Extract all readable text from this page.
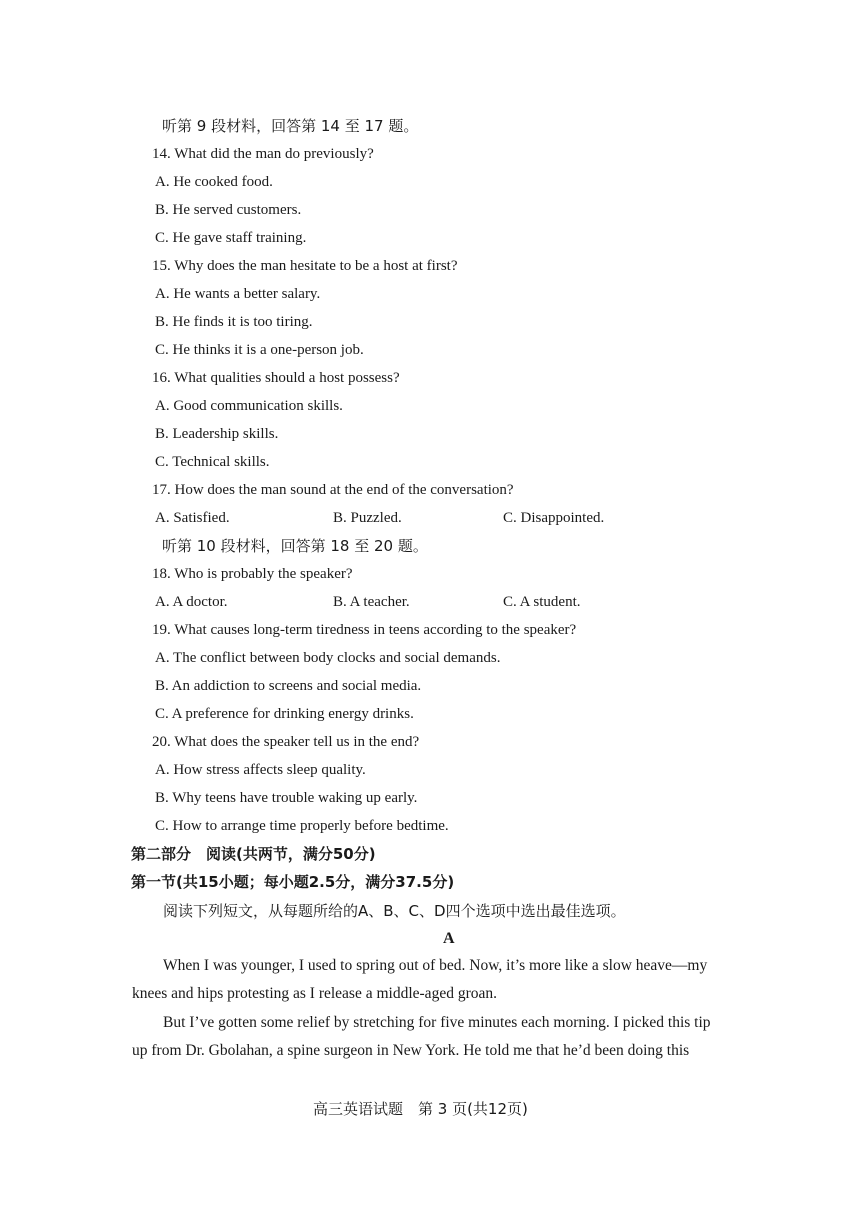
听第 9 段材料，回答第 14 至 17 题。
14. What did the man do previously?
A. He cooked food.
B. He served customers.
C. He gave staff training.
15. Why does the man hesitate to be a host at first?
A. He wants a better salary.
B. He finds it is too tiring.
C. He thinks it is a one-person job.
16. What qualities should a host possess?
A. Good communication skills.
B. Leadership skills.
C. Technical skills.
17. How does the man sound at the end of the conversation?
A. Satisfied.	B. Puzzled.	C. Disappointed.
听第 10 段材料，回答第 18 至 20 题。
18. Who is probably the speaker?
A. A doctor.	B. A teacher.	C. A student.
19. What causes long-term tiredness in teens according to the speaker?
A. The conflict between body clocks and social demands.
B. An addiction to screens and social media.
C. A preference for drinking energy drinks.
20. What does the speaker tell us in the end?
A. How stress affects sleep quality.
B. Why teens have trouble waking up early.
C. How to arrange time properly before bedtime.
第二部分　阅读(共两节，满分50分)
第一节(共15小题；每小题2.5分，满分37.5分)
阅读下列短文，从每题所给的A、B、C、D四个选项中选出最佳选项。
A
When I was younger, I used to spring out of bed. Now, it’s more like a slow heave—my
knees and hips protesting as I release a middle-aged groan.
But I’ve gotten some relief by stretching for five minutes each morning. I picked this tip
up from Dr. Gbolahan, a spine surgeon in New York. He told me that he’d been doing this
高三英语试题　第 3 页(共12页)
